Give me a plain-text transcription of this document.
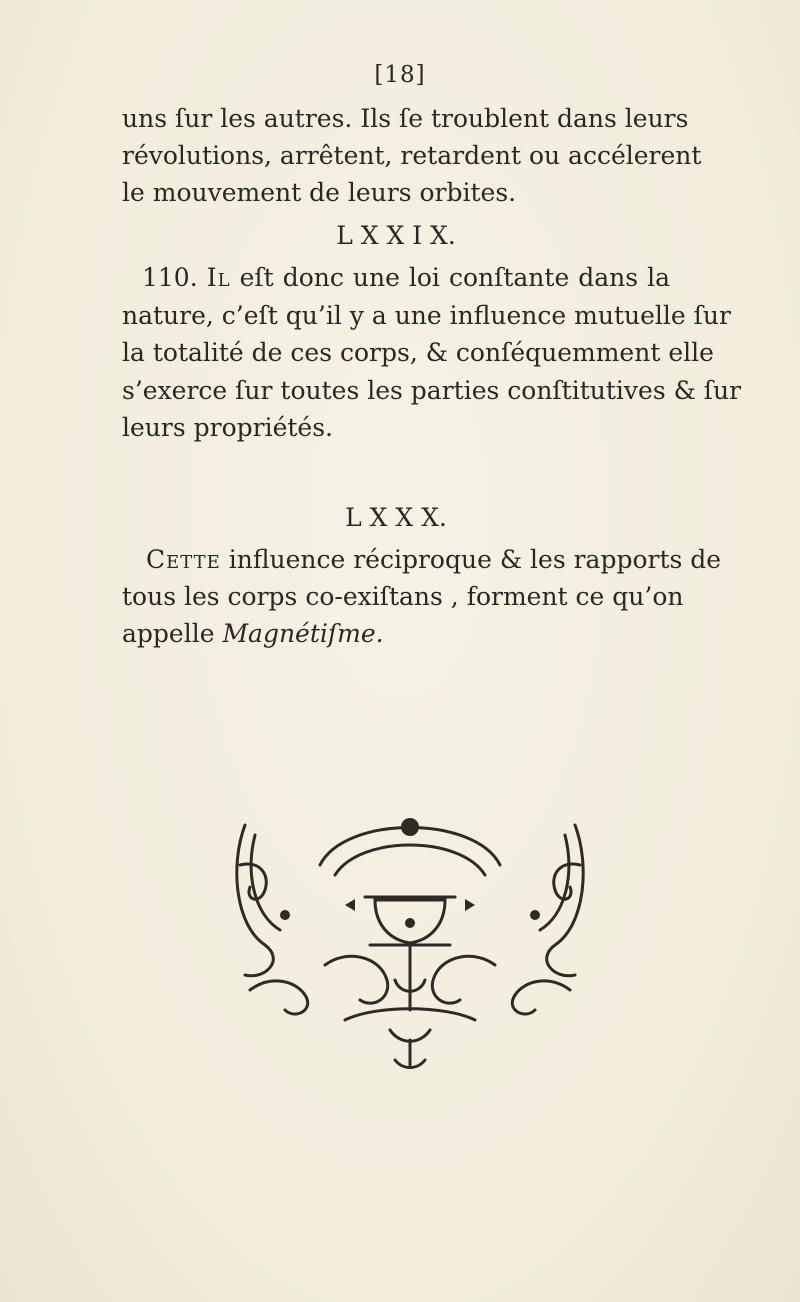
[18]
uns ſur les autres. Ils ſe troublent dans leurs
révolutions, arrêtent, retardent ou accélerent
le mouvement de leurs orbites.
L X X I X.
110. Il eſt donc une loi conſtante dans la
nature, c’eſt qu’il y a une influence mutuelle ſur
la totalité de ces corps, & conſéquemment elle
s’exerce ſur toutes les parties conſtitutives & ſur
leurs propriétés.
L X X X.
Cette influence réciproque & les rapports de
tous les corps co-exiſtans , forment ce qu’on
appelle Magnétiſme.
